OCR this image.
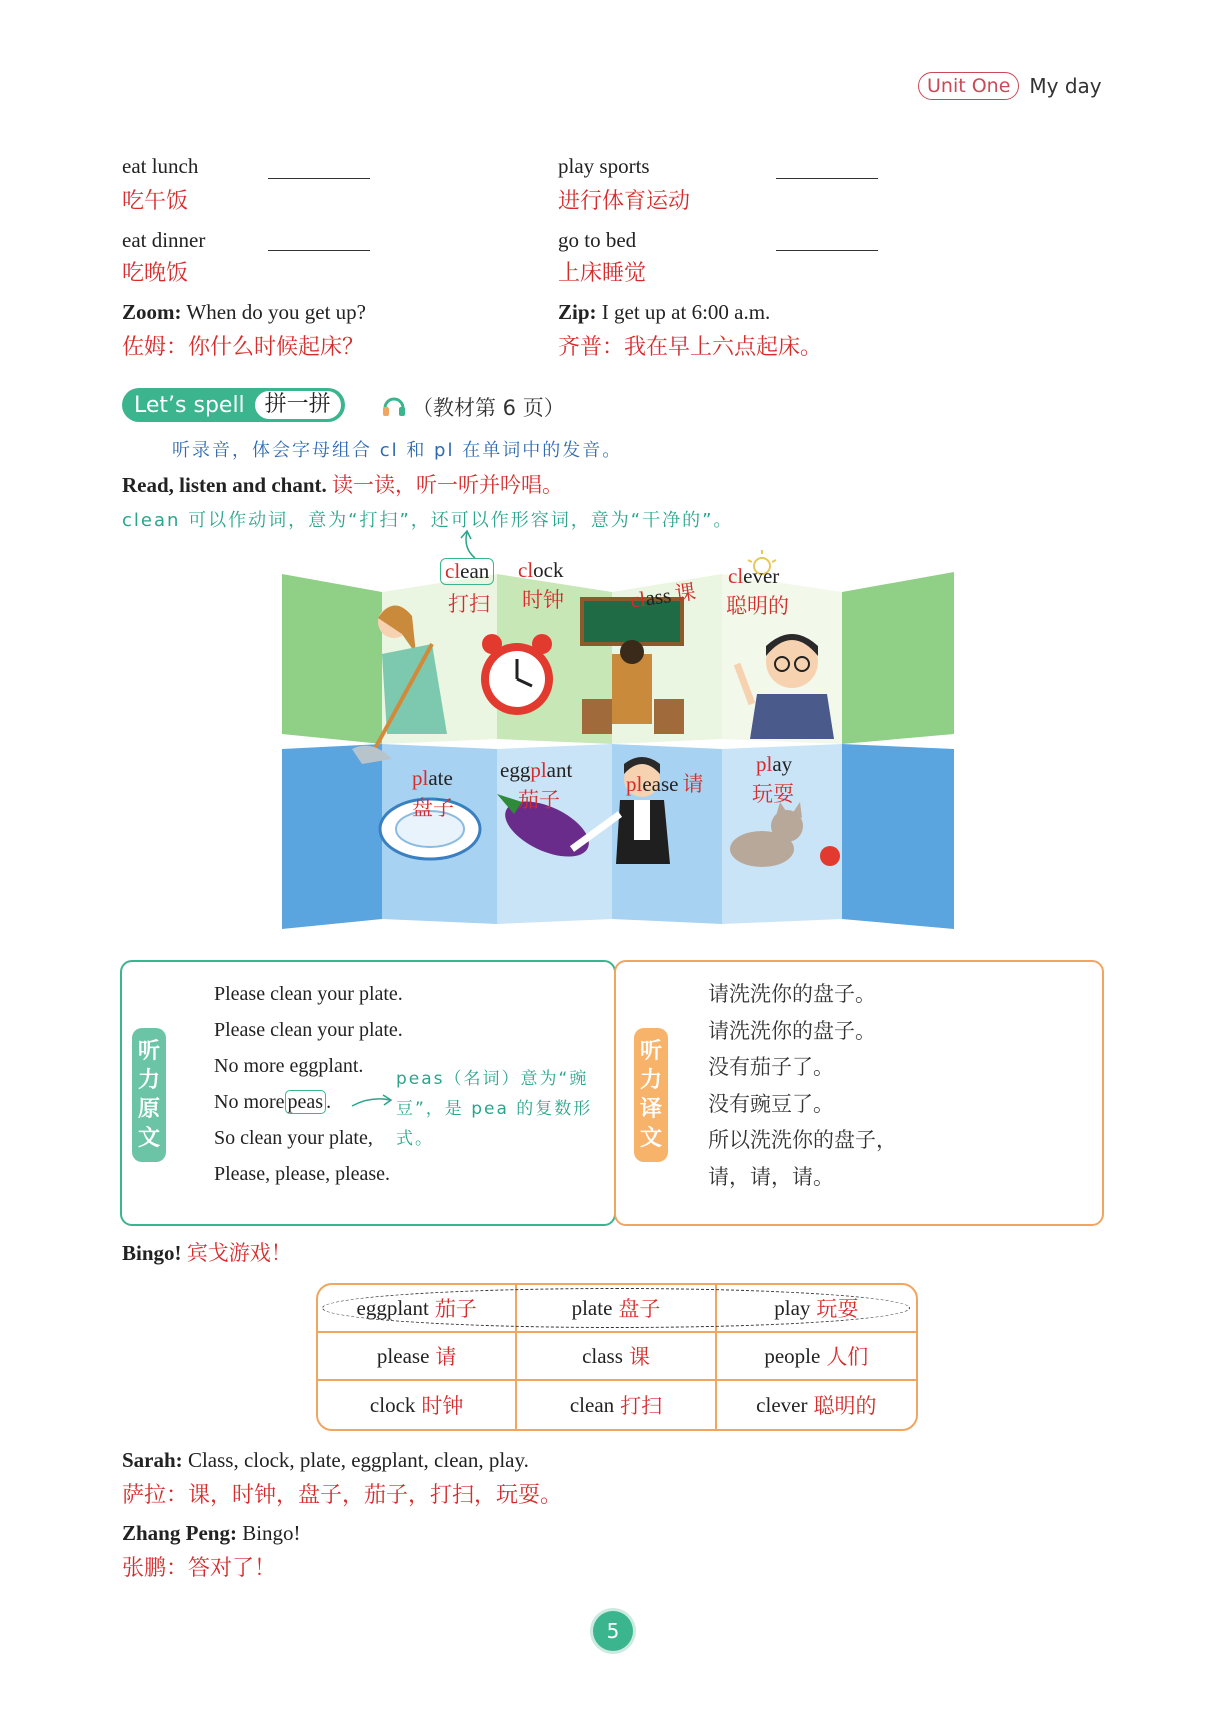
Unit One My day
eat lunch
吃午饭
eat dinner
吃晚饭
play sports
进行体育运动
go to bed
上床睡觉
Zoom: When do you get up?
佐姆：你什么时候起床？
Zip: I get up at 6:00 a.m.
齐普：我在早上六点起床。
Let’s spell 拼一拼	（教材第 6 页）
听录音，体会字母组合 cl 和 pl 在单词中的发音。
Read, listen and chant. 读一读，听一听并吟唱。
clean 可以作动词，意为“打扫”，还可以作形容词，意为“干净的”。
clean
打扫
clock
时钟	class 课
clever
聪明的
plate
盘子
eggplant
茄子
please 请
play
玩耍
听
力
原
文
Please clean your plate.
Please clean your plate.
No more eggplant.
No more peas .
So clean your plate,
Please, please, please.
peas（名词）意为“豌豆”，是 pea 的复数形式。
听
力
译
文
请洗洗你的盘子。
请洗洗你的盘子。
没有茄子了。
没有豌豆了。
所以洗洗你的盘子，
请，请，请。
Bingo! 宾戈游戏！
eggplant 茄子	plate 盘子	play 玩耍
please 请	class 课	people 人们
clock 时钟	clean 打扫	clever 聪明的
Sarah: Class, clock, plate, eggplant, clean, play.
萨拉：课，时钟，盘子，茄子，打扫，玩耍。
Zhang Peng: Bingo!
张鹏：答对了！
5
